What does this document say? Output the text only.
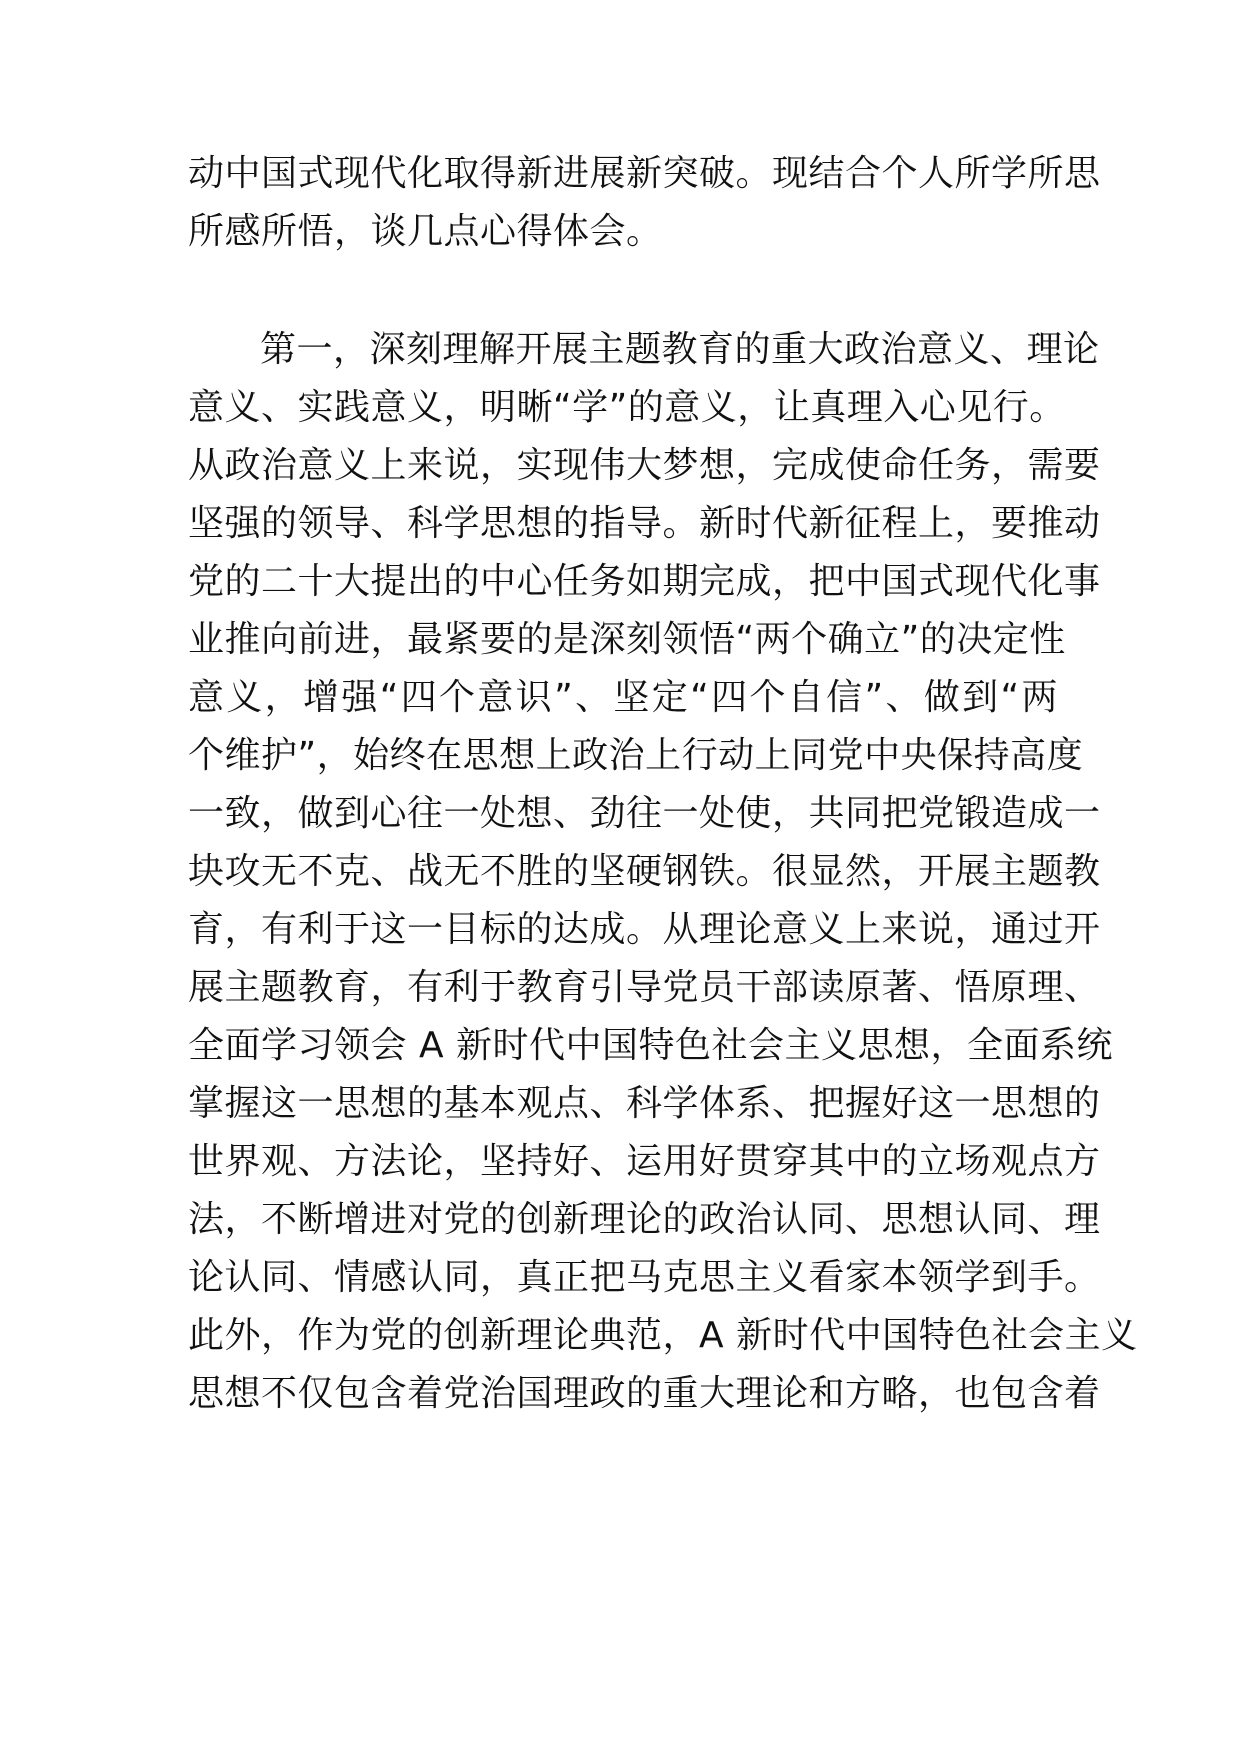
动中国式现代化取得新进展新突破。现结合个人所学所思
所感所悟，谈几点心得体会。
第一，深刻理解开展主题教育的重大政治意义、理论
意义、实践意义，明晰“学”的意义，让真理入心见行。
从政治意义上来说，实现伟大梦想，完成使命任务，需要
坚强的领导、科学思想的指导。新时代新征程上，要推动
党的二十大提出的中心任务如期完成，把中国式现代化事
业推向前进，最紧要的是深刻领悟“两个确立”的决定性
意义，增强“四个意识”、坚定“四个自信”、做到“两
个维护”，始终在思想上政治上行动上同党中央保持高度
一致，做到心往一处想、劲往一处使，共同把党锻造成一
块攻无不克、战无不胜的坚硬钢铁。很显然，开展主题教
育，有利于这一目标的达成。从理论意义上来说，通过开
展主题教育，有利于教育引导党员干部读原著、悟原理、
全面学习领会 A 新时代中国特色社会主义思想，全面系统
掌握这一思想的基本观点、科学体系、把握好这一思想的
世界观、方法论，坚持好、运用好贯穿其中的立场观点方
法，不断增进对党的创新理论的政治认同、思想认同、理
论认同、情感认同，真正把马克思主义看家本领学到手。
此外，作为党的创新理论典范，A 新时代中国特色社会主义
思想不仅包含着党治国理政的重大理论和方略，也包含着
